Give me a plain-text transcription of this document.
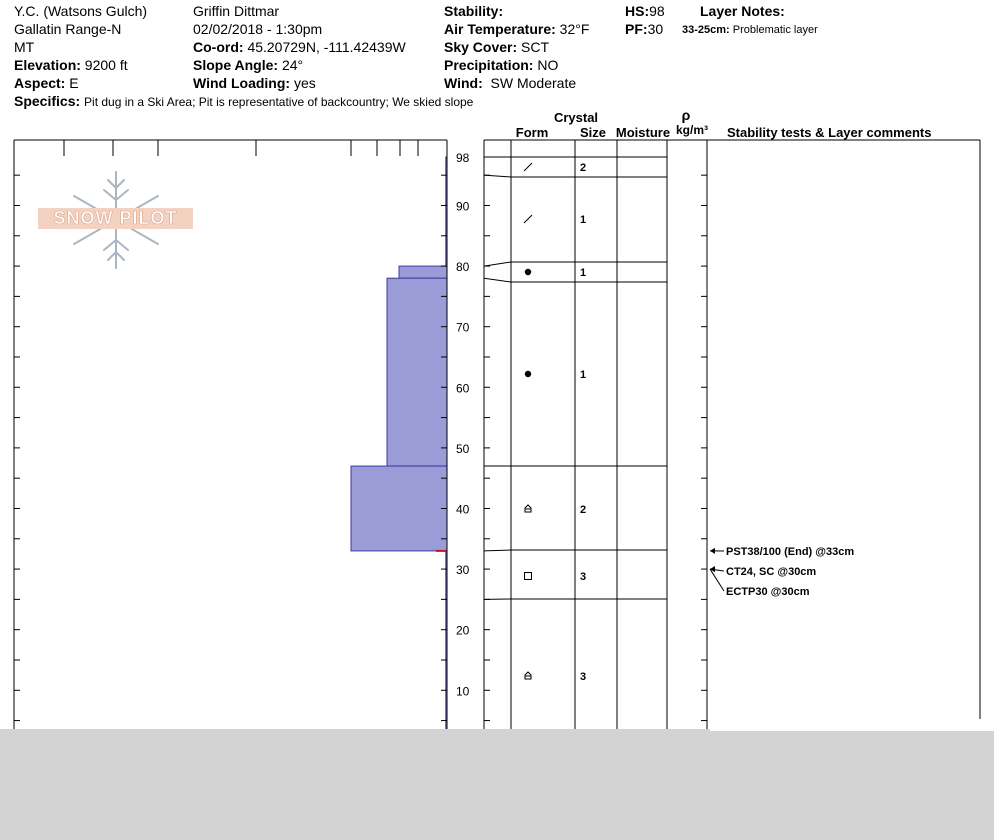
Y.C. (Watsons Gulch)
Gallatin Range-N
MT
Elevation: 9200 ft
Aspect: E
Specifics: Pit dug in a Ski Area; Pit is representative of backcountry; We skied slope
Griffin Dittmar
02/02/2018 - 1:30pm
Co-ord: 45.20729N, -111.42439W
Slope Angle: 24°
Wind Loading: yes
Stability:
Air Temperature: 32°F
Sky Cover: SCT
Precipitation: NO
Wind: SW Moderate
HS:98
PF:30
Layer Notes:
33-25cm: Problematic layer
Crystal
Form Size Moisture
ρ
kg/m³ Stability tests & Layer comments
SNOW PILOT
10
20
30
40
50
60
70
80
90
98
2
1
1
1
2
3
3
PST38/100 (End) @33cm
CT24, SC @30cm
ECTP30 @30cm
